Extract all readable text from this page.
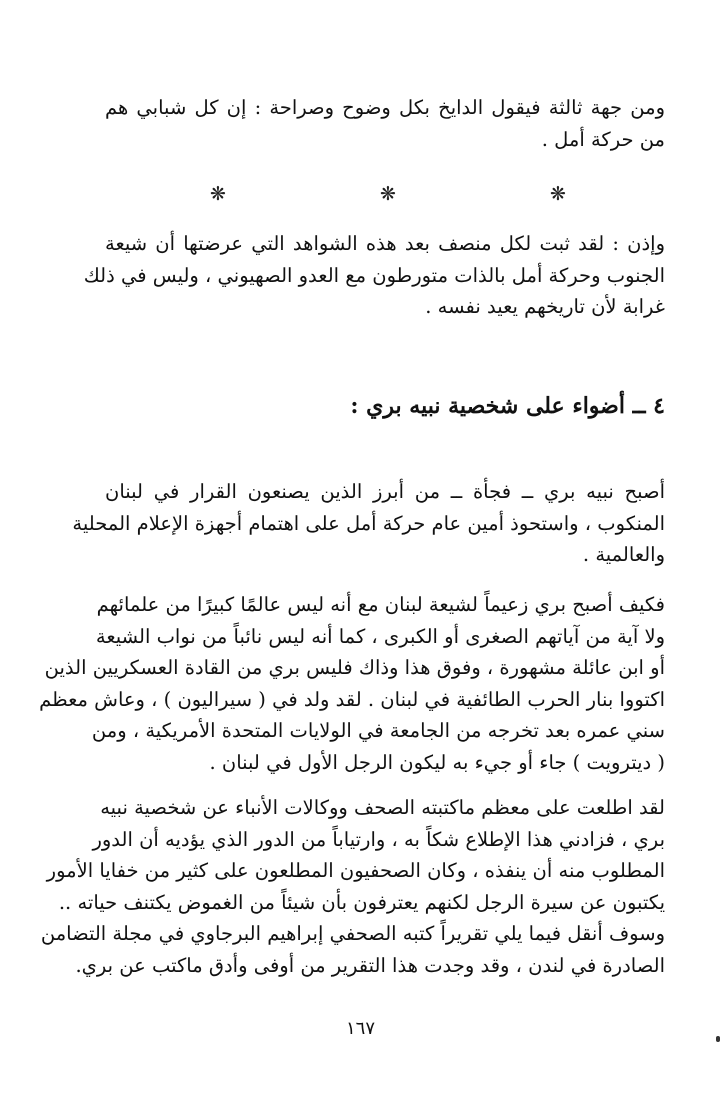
ومن جهة ثالثة فيقول الدايخ بكل وضوح وصراحة : إن كل شبابي هم
من حركة أمل .
❋	❋	❋
وإذن : لقد ثبت لكل منصف بعد هذه الشواهد التي عرضتها أن شيعة
الجنوب وحركة أمل بالذات متورطون مع العدو الصهيوني ، وليس في ذلك
غرابة لأن تاريخهم يعيد نفسه .
٤ ــ أضواء على شخصية نبيه بري :
أصبح نبيه بري ــ فجأة ــ من أبرز الذين يصنعون القرار في لبنان
المنكوب ، واستحوذ أمين عام حركة أمل على اهتمام أجهزة الإعلام المحلية
والعالمية .
فكيف أصبح بري زعيماً لشيعة لبنان مع أنه ليس عالمًا كبيرًا من علمائهم
ولا آية من آياتهم الصغرى أو الكبرى ، كما أنه ليس نائباً من نواب الشيعة
أو ابن عائلة مشهورة ، وفوق هذا وذاك فليس بري من القادة العسكريين الذين
اكتووا بنار الحرب الطائفية في لبنان . لقد ولد في ( سيراليون ) ، وعاش معظم
سني عمره بعد تخرجه من الجامعة في الولايات المتحدة الأمريكية ، ومن
( ديترويت ) جاء أو جيء به ليكون الرجل الأول في لبنان .
لقد اطلعت على معظم ماكتبته الصحف ووكالات الأنباء عن شخصية نبيه
بري ، فزادني هذا الإطلاع شكاً به ، وارتياباً من الدور الذي يؤديه أن الدور
المطلوب منه أن ينفذه ، وكان الصحفيون المطلعون على كثير من خفايا الأمور
يكتبون عن سيرة الرجل لكنهم يعترفون بأن شيئاً من الغموض يكتنف حياته ..
وسوف أنقل فيما يلي تقريراً كتبه الصحفي إبراهيم البرجاوي في مجلة التضامن
الصادرة في لندن ، وقد وجدت هذا التقرير من أوفى وأدق ماكتب عن بري.
١٦٧
